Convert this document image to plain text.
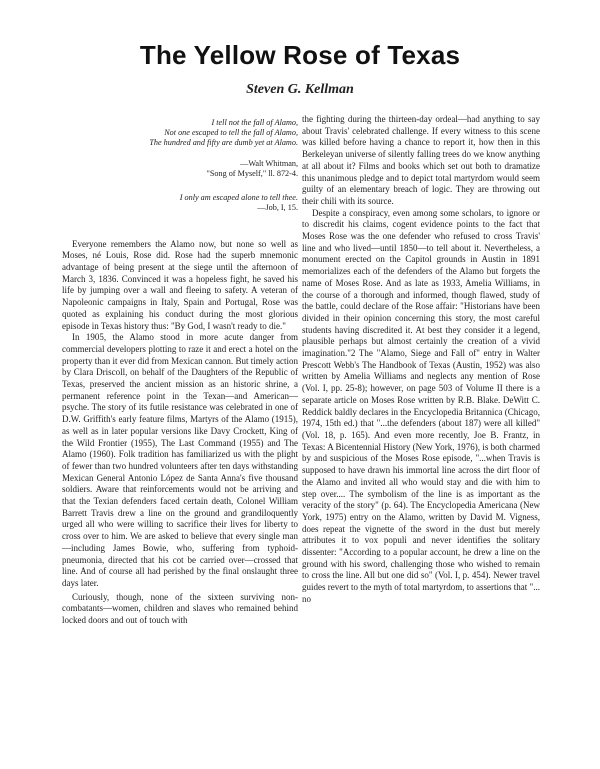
The Yellow Rose of Texas
Steven G. Kellman
I tell not the fall of Alamo,
Not one escaped to tell the fall of Alamo,
The hundred and fifty are dumb yet at Alamo.
—Walt Whitman,
"Song of Myself," ll. 872-4.
I only am escaped alone to tell thee.
—Job, I, 15.

Everyone remembers the Alamo now, but none so well as Moses, né Louis, Rose did. Rose had the superb mnemonic advantage of being present at the siege until the afternoon of March 3, 1836. Convinced it was a hopeless fight, he saved his life by jumping over a wall and fleeing to safety. A veteran of Napoleonic campaigns in Italy, Spain and Portugal, Rose was quoted as explaining his conduct during the most glorious episode in Texas history thus: "By God, I wasn't ready to die."

In 1905, the Alamo stood in more acute danger from commercial developers plotting to raze it and erect a hotel on the property than it ever did from Mexican cannon. But timely action by Clara Driscoll, on behalf of the Daughters of the Republic of Texas, preserved the ancient mission as an historic shrine, a permanent reference point in the Texan—and American—psyche. The story of its futile resistance was celebrated in one of D.W. Griffith's early feature films, Martyrs of the Alamo (1915), as well as in later popular versions like Davy Crockett, King of the Wild Frontier (1955), The Last Command (1955) and The Alamo (1960). Folk tradition has familiarized us with the plight of fewer than two hundred volunteers after ten days withstanding Mexican General Antonio López de Santa Anna's five thousand soldiers. Aware that reinforcements would not be arriving and that the Texian defenders faced certain death, Colonel William Barrett Travis drew a line on the ground and grandiloquently urged all who were willing to sacrifice their lives for liberty to cross over to him. We are asked to believe that every single man—including James Bowie, who, suffering from typhoid-pneumonia, directed that his cot be carried over—crossed that line. And of course all had perished by the final onslaught three days later.

Curiously, though, none of the sixteen surviving non-combatants—women, children and slaves who remained behind locked doors and out of touch with

the fighting during the thirteen-day ordeal—had anything to say about Travis' celebrated challenge. If every witness to this scene was killed before having a chance to report it, how then in this Berkeleyan universe of silently falling trees do we know anything at all about it? Films and books which set out both to dramatize this unanimous pledge and to depict total martyrdom would seem guilty of an elementary breach of logic. They are throwing out their chili with its source.

Despite a conspiracy, even among some scholars, to ignore or to discredit his claims, cogent evidence points to the fact that Moses Rose was the one defender who refused to cross Travis' line and who lived—until 1850—to tell about it. Nevertheless, a monument erected on the Capitol grounds in Austin in 1891 memorializes each of the defenders of the Alamo but forgets the name of Moses Rose. And as late as 1933, Amelia Williams, in the course of a thorough and informed, though flawed, study of the battle, could declare of the Rose affair: "Historians have been divided in their opinion concerning this story, the most careful students having discredited it. At best they consider it a legend, plausible perhaps but almost certainly the creation of a vivid imagination."2 The "Alamo, Siege and Fall of" entry in Walter Prescott Webb's The Handbook of Texas (Austin, 1952) was also written by Amelia Williams and neglects any mention of Rose (Vol. I, pp. 25-8); however, on page 503 of Volume II there is a separate article on Moses Rose written by R.B. Blake. DeWitt C. Reddick baldly declares in the Encyclopedia Britannica (Chicago, 1974, 15th ed.) that "...the defenders (about 187) were all killed" (Vol. 18, p. 165). And even more recently, Joe B. Frantz, in Texas: A Bicentennial History (New York, 1976), is both charmed by and suspicious of the Moses Rose episode, "...when Travis is supposed to have drawn his immortal line across the dirt floor of the Alamo and invited all who would stay and die with him to step over.... The symbolism of the line is as important as the veracity of the story" (p. 64). The Encyclopedia Americana (New York, 1975) entry on the Alamo, written by David M. Vigness, does repeat the vignette of the sword in the dust but merely attributes it to vox populi and never identifies the solitary dissenter: "According to a popular account, he drew a line on the ground with his sword, challenging those who wished to remain to cross the line. All but one did so" (Vol. I, p. 454). Newer travel guides revert to the myth of total martyrdom, to assertions that "... no
